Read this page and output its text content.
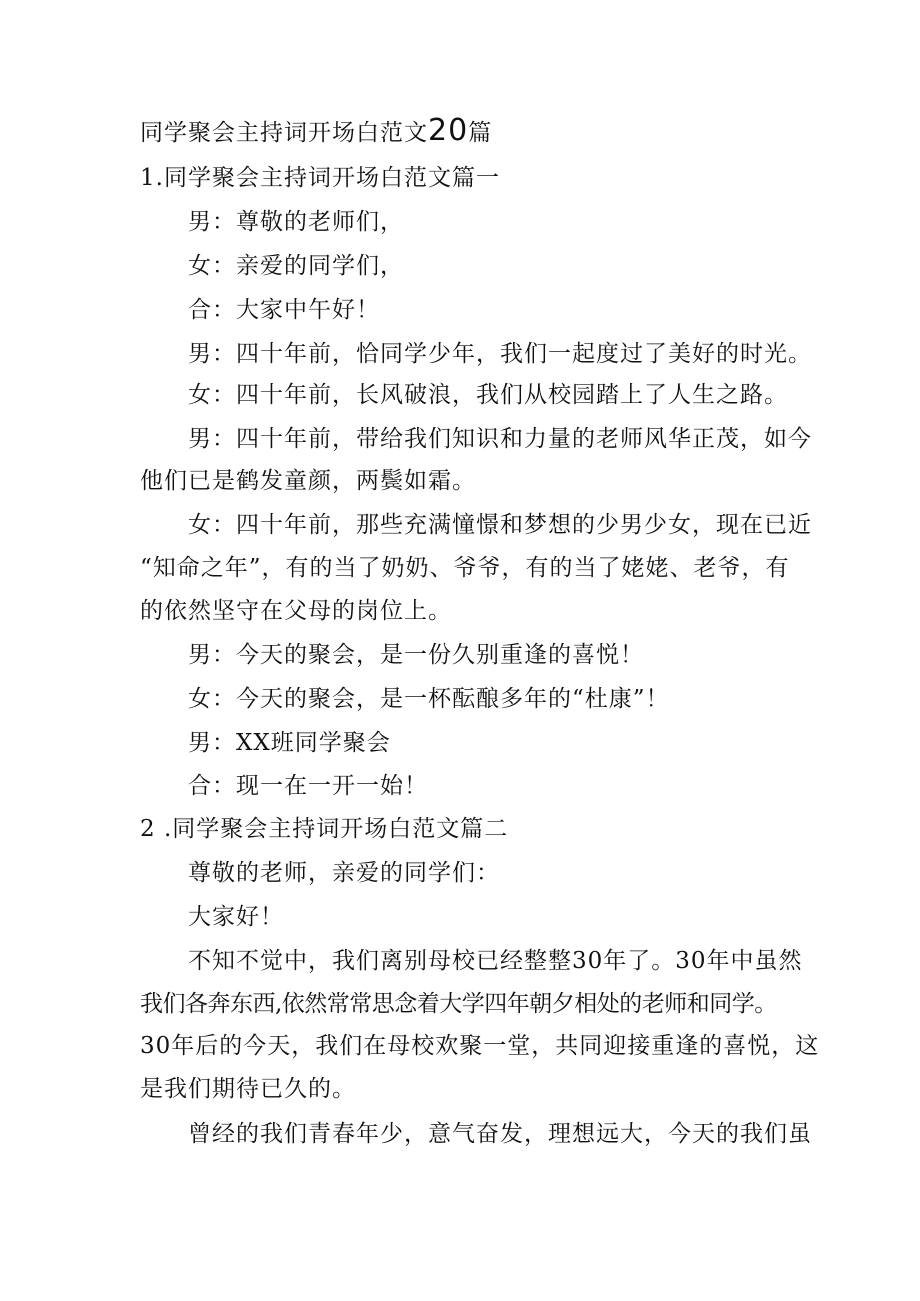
同学聚会主持词开场白范文20篇
1.同学聚会主持词开场白范文篇一
男：尊敬的老师们，
女：亲爱的同学们，
合：大家中午好！
男：四十年前，恰同学少年，我们一起度过了美好的时光。
女：四十年前，长风破浪，我们从校园踏上了人生之路。
男：四十年前，带给我们知识和力量的老师风华正茂，如今
他们已是鹤发童颜，两鬓如霜。
女：四十年前，那些充满憧憬和梦想的少男少女，现在已近
“知命之年”，有的当了奶奶、爷爷，有的当了姥姥、老爷，有
的依然坚守在父母的岗位上。
男：今天的聚会，是一份久别重逢的喜悦！
女：今天的聚会，是一杯酝酿多年的“杜康”！
男：XX班同学聚会
合：现一在一开一始！
2 .同学聚会主持词开场白范文篇二
尊敬的老师，亲爱的同学们：
大家好！
不知不觉中，我们离别母校已经整整30年了。30年中虽然
我们各奔东西,依然常常思念着大学四年朝夕相处的老师和同学。
30年后的今天，我们在母校欢聚一堂，共同迎接重逢的喜悦，这
是我们期待已久的。
曾经的我们青春年少，意气奋发，理想远大，今天的我们虽
